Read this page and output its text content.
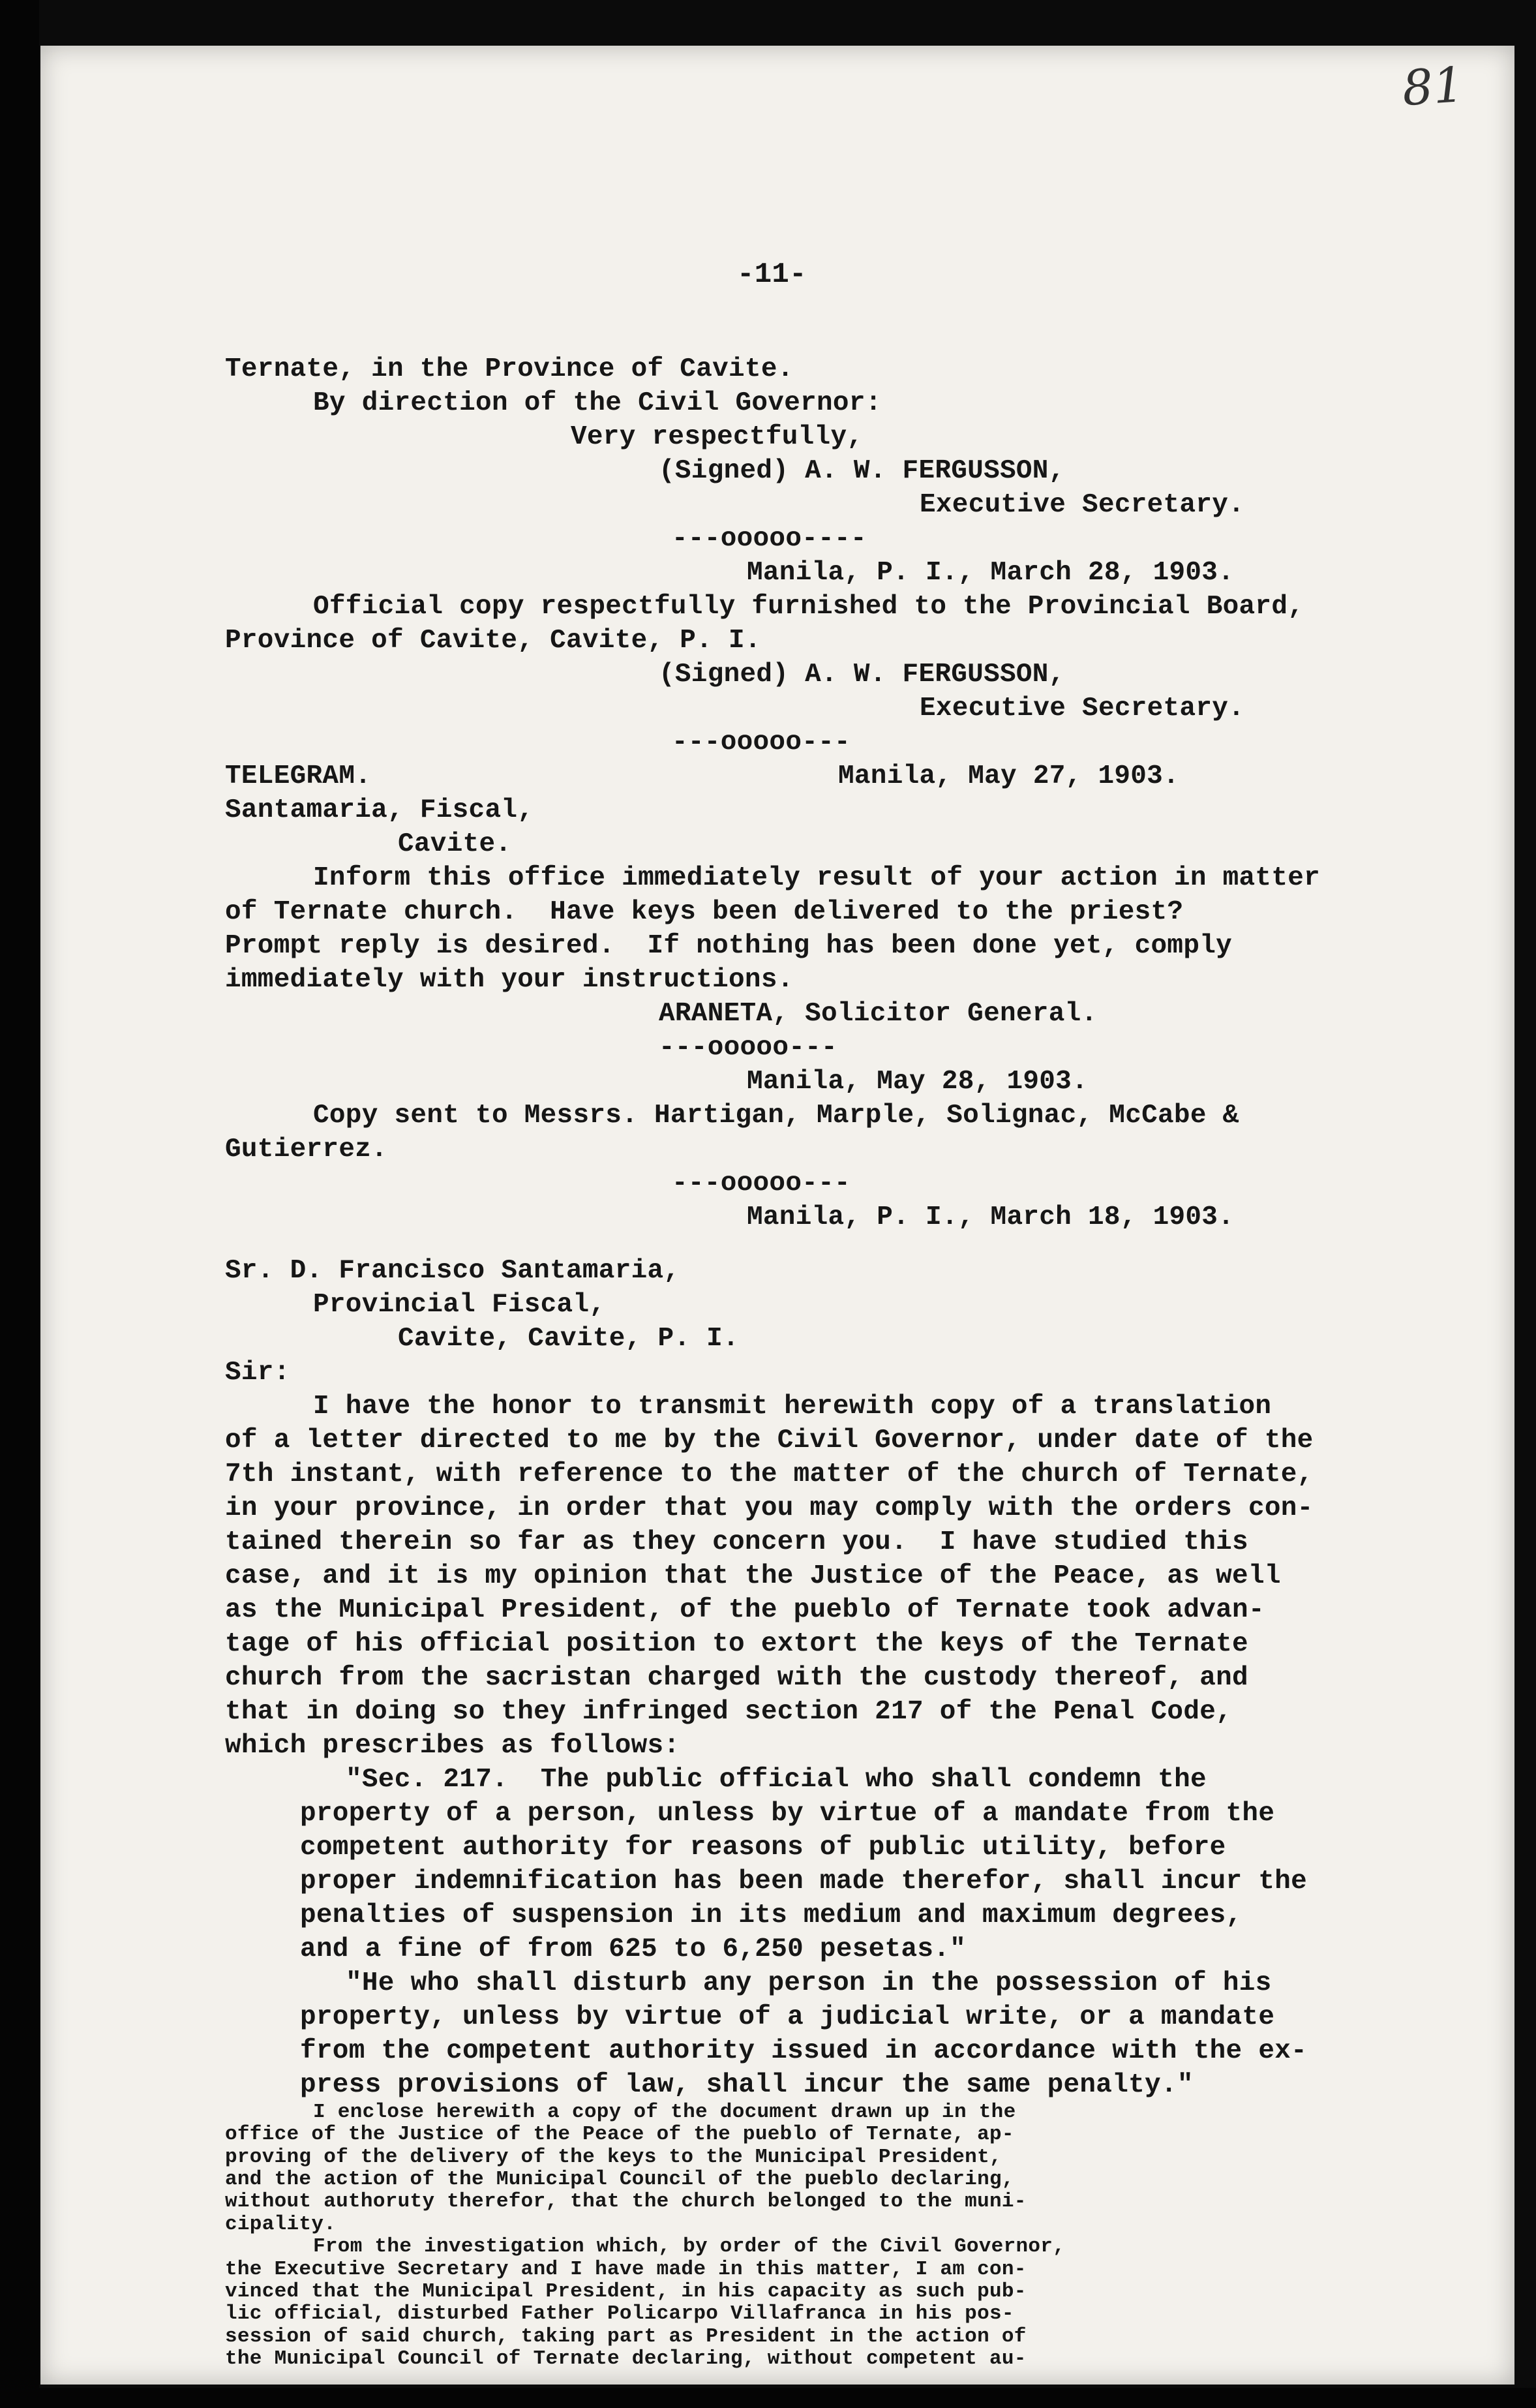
81
-11-
Ternate, in the Province of Cavite.
By direction of the Civil Governor:
Very respectfully,
(Signed) A. W. FERGUSSON,
Executive Secretary.
---ooooo----
Manila, P. I., March 28, 1903.
Official copy respectfully furnished to the Provincial Board,
Province of Cavite, Cavite, P. I.
(Signed) A. W. FERGUSSON,
Executive Secretary.
---ooooo---
TELEGRAM.	Manila, May 27, 1903.
Santamaria, Fiscal,
Cavite.
Inform this office immediately result of your action in matter
of Ternate church.  Have keys been delivered to the priest?
Prompt reply is desired.  If nothing has been done yet, comply
immediately with your instructions.
ARANETA, Solicitor General.
---ooooo---
Manila, May 28, 1903.
Copy sent to Messrs. Hartigan, Marple, Solignac, McCabe &
Gutierrez.
---ooooo---
Manila, P. I., March 18, 1903.
Sr. D. Francisco Santamaria,
Provincial Fiscal,
Cavite, Cavite, P. I.
Sir:
I have the honor to transmit herewith copy of a translation
of a letter directed to me by the Civil Governor, under date of the
7th instant, with reference to the matter of the church of Ternate,
in your province, in order that you may comply with the orders con-
tained therein so far as they concern you.  I have studied this
case, and it is my opinion that the Justice of the Peace, as well
as the Municipal President, of the pueblo of Ternate took advan-
tage of his official position to extort the keys of the Ternate
church from the sacristan charged with the custody thereof, and
that in doing so they infringed section 217 of the Penal Code,
which prescribes as follows:
"Sec. 217.  The public official who shall condemn the
property of a person, unless by virtue of a mandate from the
competent authority for reasons of public utility, before
proper indemnification has been made therefor, shall incur the
penalties of suspension in its medium and maximum degrees,
and a fine of from 625 to 6,250 pesetas."
"He who shall disturb any person in the possession of his
property, unless by virtue of a judicial write, or a mandate
from the competent authority issued in accordance with the ex-
press provisions of law, shall incur the same penalty."
I enclose herewith a copy of the document drawn up in the
office of the Justice of the Peace of the pueblo of Ternate, ap-
proving of the delivery of the keys to the Municipal President,
and the action of the Municipal Council of the pueblo declaring,
without authoruty therefor, that the church belonged to the muni-
cipality.
From the investigation which, by order of the Civil Governor,
the Executive Secretary and I have made in this matter, I am con-
vinced that the Municipal President, in his capacity as such pub-
lic official, disturbed Father Policarpo Villafranca in his pos-
session of said church, taking part as President in the action of
the Municipal Council of Ternate declaring, without competent au-
